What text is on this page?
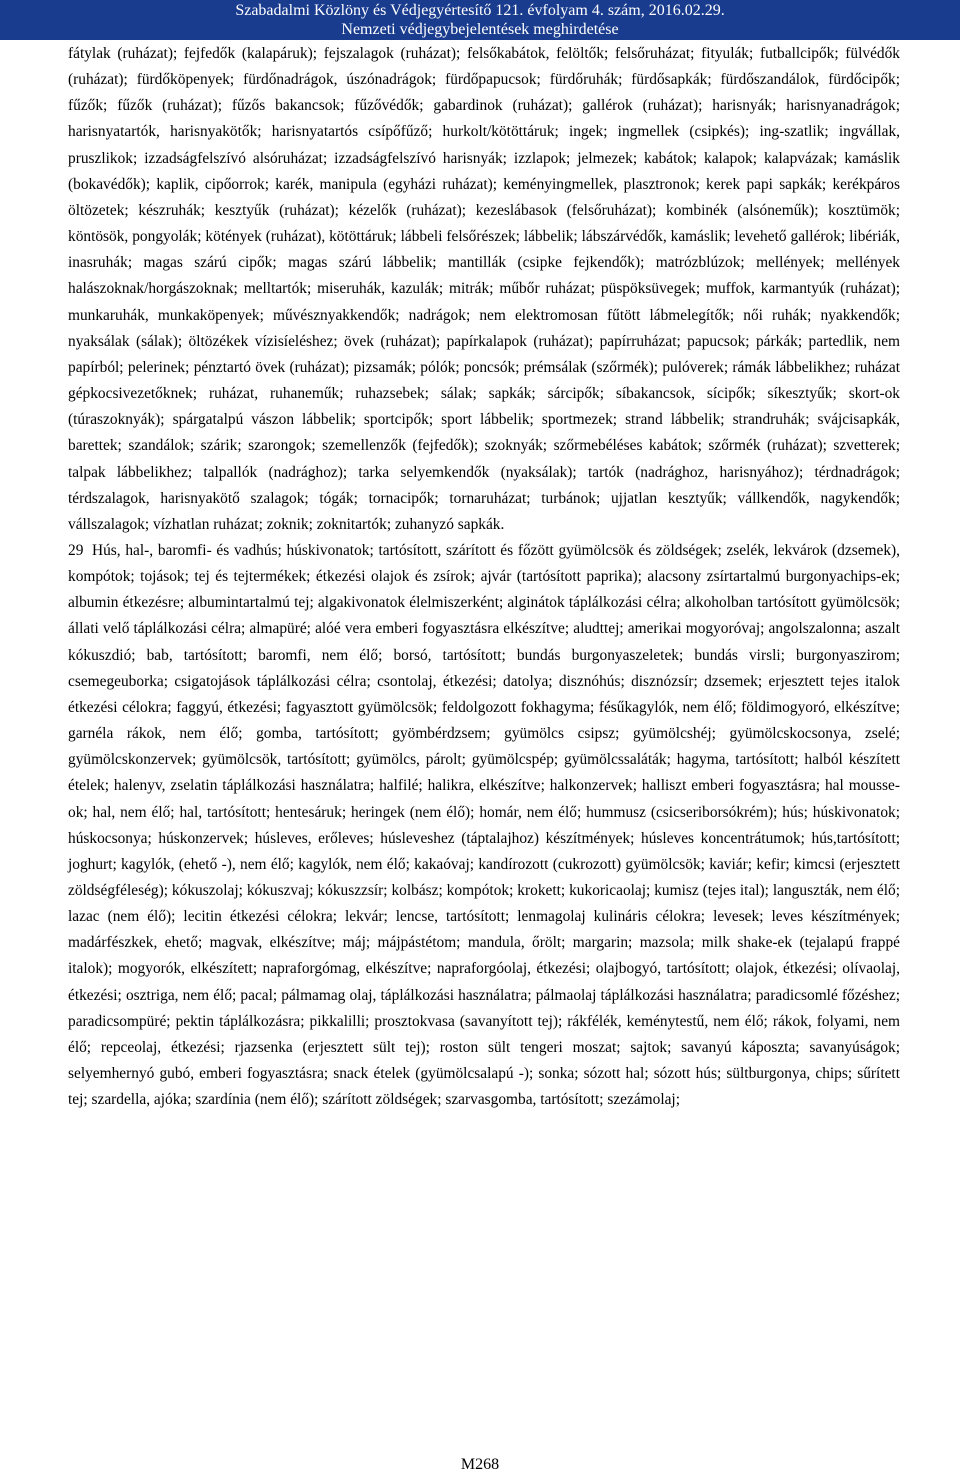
Szabadalmi Közlöny és Védjegyértesítő 121. évfolyam 4. szám, 2016.02.29.
Nemzeti védjegybejelentések meghirdetése

fátylak (ruházat); fejfedők (kalapáruk); fejszalagok (ruházat); felsőkabátok, felöltők; felsőruházat; fityulák; futballcipők; fülvédők (ruházat); fürdőköpenyek; fürdőnadrágok, úszónadrágok; fürdőpapucsok; fürdőruhák; fürdősapkák; fürdőszandálok, fürdőcipők; fűzők; fűzők (ruházat); fűzős bakancsok; fűzővédők; gabardinok (ruházat); gallérok (ruházat); harisnyák; harisnyanadrágok; harisnyatartók, harisnyakötők; harisnyatartós csípőfűző; hurkolt/kötöttáruk; ingek; ingmellek (csipkés); ing-szatlik; ingvállak, pruszlikok; izzadságfelszívó alsóruházat; izzadságfelszívó harisnyák; izzlapok; jelmezek; kabátok; kalapok; kalapvázak; kamáslik (bokavédők); kaplik, cipőorrok; karék, manipula (egyházi ruházat); keményingmellek, plasztronok; kerek papi sapkák; kerékpáros öltözetek; készruhák; kesztyűk (ruházat); kézelők (ruházat); kezeslábasok (felsőruházat); kombinék (alsóneműk); kosztümök; köntösök, pongyolák; kötények (ruházat), kötöttáruk; lábbeli felsőrészek; lábbelik; lábszárvédők, kamáslik; levehető gallérok; libériák, inasruhák; magas szárú cipők; magas szárú lábbelik; mantillák (csipke fejkendők); matrózblúzok; mellények; mellények halászoknak/horgászoknak; melltartók; miseruhák, kazulák; mitrák; műbőr ruházat; püspöksüvegek; muffok, karmantyúk (ruházat); munkaruhák, munkaköpenyek; művésznyakkendők; nadrágok; nem elektromosan fűtött lábmelegítők; női ruhák; nyakkendők; nyaksálak (sálak); öltözékek vízisíeléshez; övek (ruházat); papírkalapok (ruházat); papírruházat; papucsok; párkák; partedlik, nem papírból; pelerinek; pénztartó övek (ruházat); pizsamák; pólók; poncsók; prémsálak (szőrmék); pulóverek; rámák lábbelikhez; ruházat gépkocsivezetőknek; ruházat, ruhaneműk; ruhazsebek; sálak; sapkák; sárcipők; síbakancsok, sícipők; síkesztyűk; skort-ok (túraszoknyák); spárgatalpú vászon lábbelik; sportcipők; sport lábbelik; sportmezek; strand lábbelik; strandruhák; svájcisapkák, barettek; szandálok; szárik; szarongok; szemellenzők (fejfedők); szoknyák; szőrmebéléses kabátok; szőrmék (ruházat); szvetterek; talpak lábbelikhez; talpallók (nadrághoz); tarka selyemkendők (nyaksálak); tartók (nadrághoz, harisnyához); térdnadrágok; térdszalagok, harisnyakötő szalagok; tógák; tornacipők; tornaruházat; turbánok; ujjatlan kesztyűk; vállkendők, nagykendők; vállszalagok; vízhatlan ruházat; zoknik; zoknitartók; zuhanyzó sapkák.

29 Hús, hal-, baromfi- és vadhús; húskivonatok; tartósított, szárított és főzött gyümölcsök és zöldségek; zselék, lekvárok (dzsemek), kompótok; tojások; tej és tejtermékek; étkezési olajok és zsírok; ajvár (tartósított paprika); alacsony zsírtartalmú burgonyachips-ek; albumin étkezésre; albumintartalmú tej; algakivonatok élelmiszerként; alginátok táplálkozási célra; alkoholban tartósított gyümölcsök; állati velő táplálkozási célra; almapüré; alóé vera emberi fogyasztásra elkészítve; aludttej; amerikai mogyoróvaj; angolszalonna; aszalt kókuszdió; bab, tartósított; baromfi, nem élő; borsó, tartósított; bundás burgonyaszeletek; bundás virsli; burgonyaszirom; csemegeuborka; csigatojások táplálkozási célra; csontolaj, étkezési; datolya; disznóhús; disznózsír; dzsemek; erjesztett tejes italok étkezési célokra; faggyú, étkezési; fagyasztott gyümölcsök; feldolgozott fokhagyma; fésűkagylók, nem élő; földimogyoró, elkészítve; garnéla rákok, nem élő; gomba, tartósított; gyömbérdzsem; gyümölcs csipsz; gyümölcshéj; gyümölcskocsonya, zselé; gyümölcskonzervek; gyümölcsök, tartósított; gyümölcs, párolt; gyümölcspép; gyümölcssaláták; hagyma, tartósított; halból készített ételek; halenyv, zselatin táplálkozási használatra; halfilé; halikra, elkészítve; halkonzervek; halliszt emberi fogyasztásra; hal mousse-ok; hal, nem élő; hal, tartósított; hentesáruk; heringek (nem élő); homár, nem élő; hummusz (csicseriborsókrém); hús; húskivonatok; húskocsonya; húskonzervek; húsleves, erőleves; húsleveshez (táptalajhoz) készítmények; húsleves koncentrátumok; hús,tartósított; joghurt; kagylók, (ehető -), nem élő; kagylók, nem élő; kakaóvaj; kandírozott (cukrozott) gyümölcsök; kaviár; kefir; kimcsi (erjesztett zöldségféleség); kókuszolaj; kókuszvaj; kókuszzsír; kolbász; kompótok; krokett; kukoricaolaj; kumisz (tejes ital); languszták, nem élő; lazac (nem élő); lecitin étkezési célokra; lekvár; lencse, tartósított; lenmagolaj kulináris célokra; levesek; leves készítmények; madárfészkek, ehető; magvak, elkészítve; máj; májpástétom; mandula, őrölt; margarin; mazsola; milk shake-ek (tejalapú frappé italok); mogyorók, elkészített; napraforgómag, elkészítve; napraforgóolaj, étkezési; olajbogyó, tartósított; olajok, étkezési; olívaolaj, étkezési; osztriga, nem élő; pacal; pálmamag olaj, táplálkozási használatra; pálmaolaj táplálkozási használatra; paradicsomlé főzéshez; paradicsompüré; pektin táplálkozásra; pikkalilli; prosztokvasa (savanyított tej); rákfélék, keménytestű, nem élő; rákok, folyami, nem élő; repceolaj, étkezési; rjazsenka (erjesztett sült tej); roston sült tengeri moszat; sajtok; savanyú káposzta; savanyúságok; selyemhernyó gubó, emberi fogyasztásra; snack ételek (gyümölcsalapú -); sonka; sózott hal; sózott hús; sültburgonya, chips; sűrített tej; szardella, ajóka; szardínia (nem élő); szárított zöldségek; szarvasgomba, tartósított; szezámolaj;

M268
